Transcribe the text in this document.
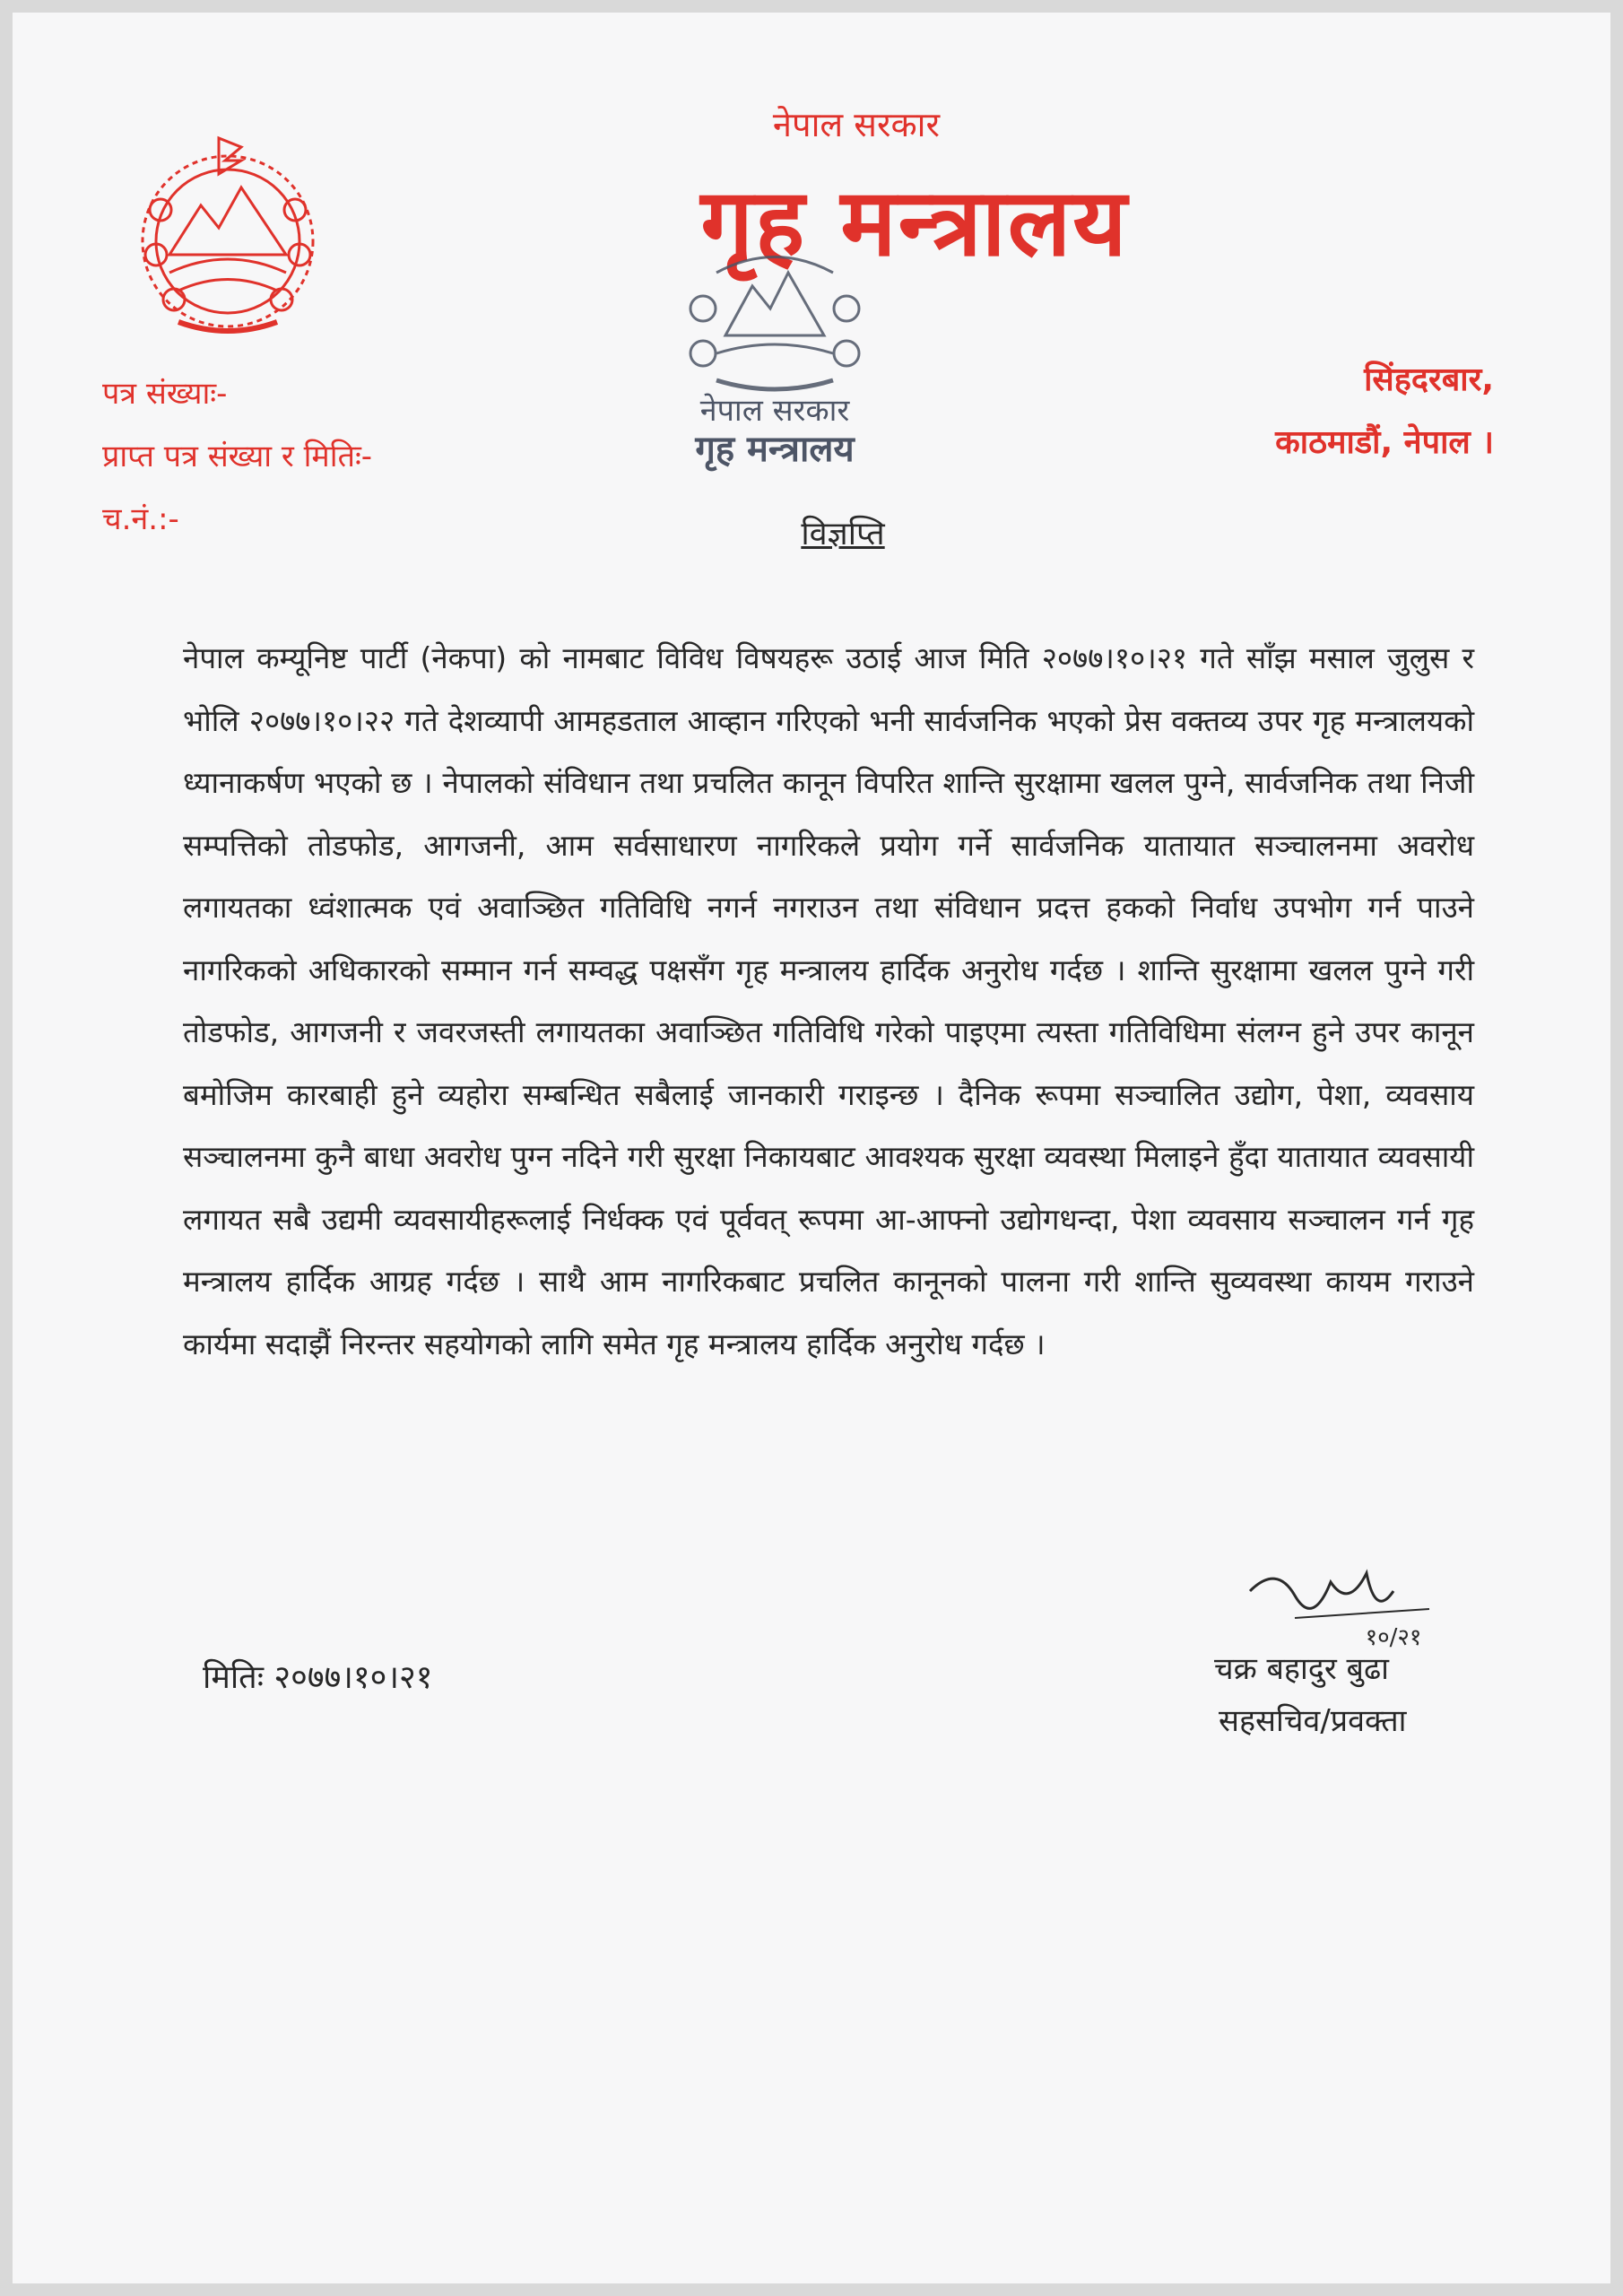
नेपाल सरकार
गृह मन्त्रालय
नेपाल सरकार
गृह मन्त्रालय
पत्र संख्याः-
प्राप्त पत्र संख्या र मितिः-
च.नं.:-
सिंहदरबार,
काठमाडौं, नेपाल ।
विज्ञप्ति
नेपाल कम्यूनिष्ट पार्टी (नेकपा) को नामबाट विविध विषयहरू उठाई आज मिति २०७७।१०।२१ गते साँझ मसाल जुलुस र भोलि २०७७।१०।२२ गते देशव्यापी आमहडताल आव्हान गरिएको भनी सार्वजनिक भएको प्रेस वक्तव्य उपर गृह मन्त्रालयको ध्यानाकर्षण भएको छ । नेपालको संविधान तथा प्रचलित कानून विपरित शान्ति सुरक्षामा खलल पुग्ने, सार्वजनिक तथा निजी सम्पत्तिको तोडफोड, आगजनी, आम सर्वसाधारण नागरिकले प्रयोग गर्ने सार्वजनिक यातायात सञ्चालनमा अवरोध लगायतका ध्वंशात्मक एवं अवाञ्छित गतिविधि नगर्न नगराउन तथा संविधान प्रदत्त हकको निर्वाध उपभोग गर्न पाउने नागरिकको अधिकारको सम्मान गर्न सम्वद्ध पक्षसँग गृह मन्त्रालय हार्दिक अनुरोध गर्दछ । शान्ति सुरक्षामा खलल पुग्ने गरी तोडफोड, आगजनी र जवरजस्ती लगायतका अवाञ्छित गतिविधि गरेको पाइएमा त्यस्ता गतिविधिमा संलग्न हुने उपर कानून बमोजिम कारबाही हुने व्यहोरा सम्बन्धित सबैलाई जानकारी गराइन्छ । दैनिक रूपमा सञ्चालित उद्योग, पेशा, व्यवसाय सञ्चालनमा कुनै बाधा अवरोध पुग्न नदिने गरी सुरक्षा निकायबाट आवश्यक सुरक्षा व्यवस्था मिलाइने हुँदा यातायात व्यवसायी लगायत सबै उद्यमी व्यवसायीहरूलाई निर्धक्क एवं पूर्ववत् रूपमा आ-आफ्नो उद्योगधन्दा, पेशा व्यवसाय सञ्चालन गर्न गृह मन्त्रालय हार्दिक आग्रह गर्दछ । साथै आम नागरिकबाट प्रचलित कानूनको पालना गरी शान्ति सुव्यवस्था कायम गराउने कार्यमा सदाझैं निरन्तर सहयोगको लागि समेत गृह मन्त्रालय हार्दिक अनुरोध गर्दछ ।
मितिः २०७७।१०।२१
१०/२१
चक्र बहादुर बुढा
सहसचिव/प्रवक्ता
